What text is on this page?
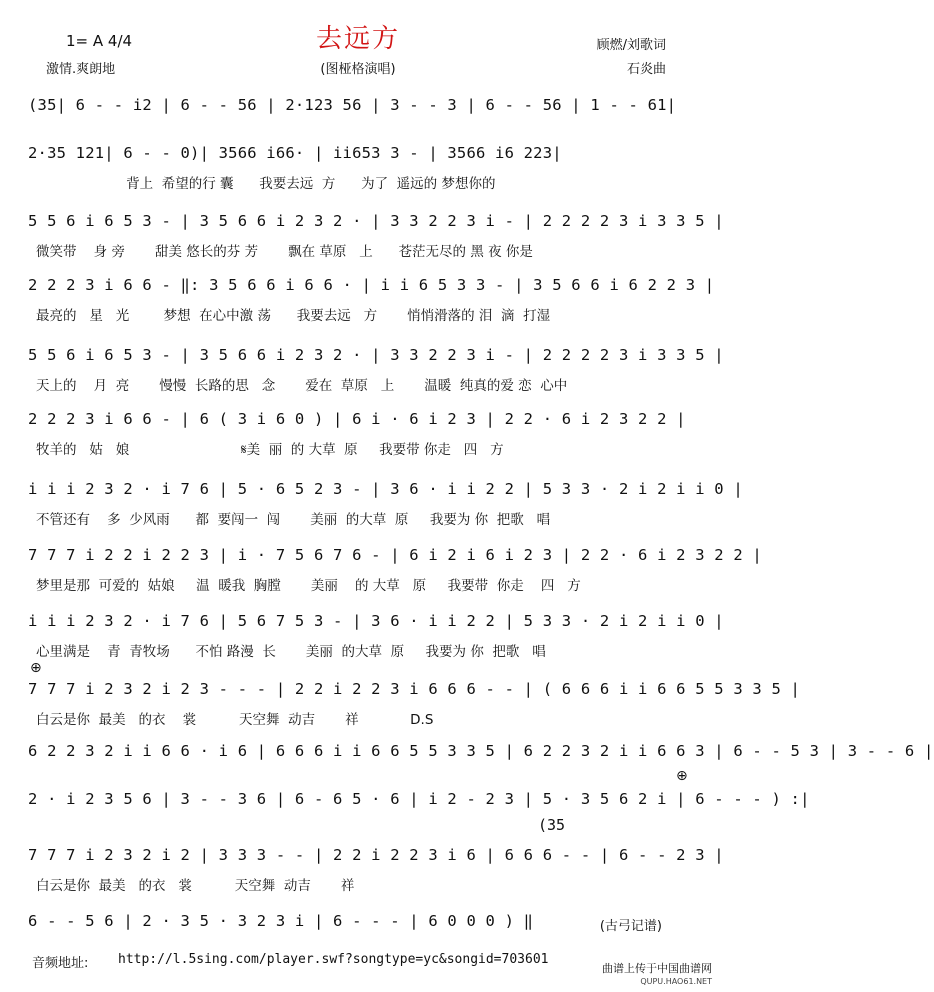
去远方
1= A 4/4
激情.爽朗地	(图桠格演唱)
顾燃/刘歌词
石炎曲
(35| 6 - - i2 | 6 - - 56 | 2·123 56 | 3 - - 3 | 6 - - 56 | 1 - - 61|
2·35 121| 6 - - 0)| 3566 i66· | ii653 3 - | 3566 i6 223|
背上  希望的行 囊      我要去远  方      为了  遥远的 梦想你的
5 5 6 i 6 5 3 - | 3 5 6 6 i 2 3 2 · | 3 3 2 2 3 i - | 2 2 2 2 3 i 3 3 5 |
微笑带    身 旁       甜美 悠长的芬 芳       飘在 草原   上      苍茫无尽的 黑 夜 你是
2 2 2 3 i 6 6 - ‖: 3 5 6 6 i 6 6 · | i i 6 5 3 3 - | 3 5 6 6 i 6 2 2 3 |
最亮的   星   光        梦想  在心中激 荡      我要去远   方       悄悄滑落的 泪  滴  打湿
5 5 6 i 6 5 3 - | 3 5 6 6 i 2 3 2 · | 3 3 2 2 3 i - | 2 2 2 2 3 i 3 3 5 |
天上的    月  亮       慢慢  长路的思   念       爱在  草原   上       温暖  纯真的爱 恋  心中
2 2 2 3 i 6 6 - | 6 ( 3 i 6 0 ) | 6 i · 6 i 2 3 | 2 2 · 6 i 2 3 2 2 |
牧羊的   姑   娘                          𝄋美  丽  的 大草  原     我要带 你走   四   方
i i i 2 3 2 · i 7 6 | 5 · 6 5 2 3 - | 3 6 · i i 2 2 | 5 3 3 · 2 i 2 i i 0 |
不管还有    多  少风雨      都  要闯一  闯       美丽  的大草  原     我要为 你  把歌   唱
7 7 7 i 2 2 i 2 2 3 | i · 7 5 6 7 6 - | 6 i 2 i 6 i 2 3 | 2 2 · 6 i 2 3 2 2 |
梦里是那  可爱的  姑娘     温  暖我  胸膛       美丽    的 大草   原     我要带  你走    四   方
i i i 2 3 2 · i 7 6 | 5 6 7 5 3 - | 3 6 · i i 2 2 | 5 3 3 · 2 i 2 i i 0 |
心里满是    青  青牧场      不怕 路漫  长       美丽  的大草  原     我要为 你  把歌   唱
⊕
7 7 7 i 2 3 2 i 2 3 - - - | 2 2 i 2 2 3 i 6 6 6 - - | ( 6 6 6 i i 6 6 5 5 3 3 5 |
白云是你  最美   的衣    裳          天空舞  动吉       祥            D.S
6 2 2 3 2 i i 6 6 · i 6 | 6 6 6 i i 6 6 5 5 3 3 5 | 6 2 2 3 2 i i 6 6 3 | 6 - - 5 3 | 3 - - 6 |
⊕
2 · i 2 3 5 6 | 3 - - 3 6 | 6 - 6 5 · 6 | i 2 - 2 3 | 5 · 3 5 6 2 i | 6 - - - ) :|
(35
7 7 7 i 2 3 2 i 2 | 3 3 3 - - | 2 2 i 2 2 3 i 6 | 6 6 6 - - | 6 - - 2 3 |
白云是你  最美   的衣   裳          天空舞  动吉       祥
6 - - 5 6 | 2 · 3 5 · 3 2 3 i | 6 - - - | 6 0 0 0 ) ‖	(古弓记谱)
音频地址: http://l.5sing.com/player.swf?songtype=yc&songid=703601
曲谱上传于中国曲谱网
QUPU.HAO61.NET
